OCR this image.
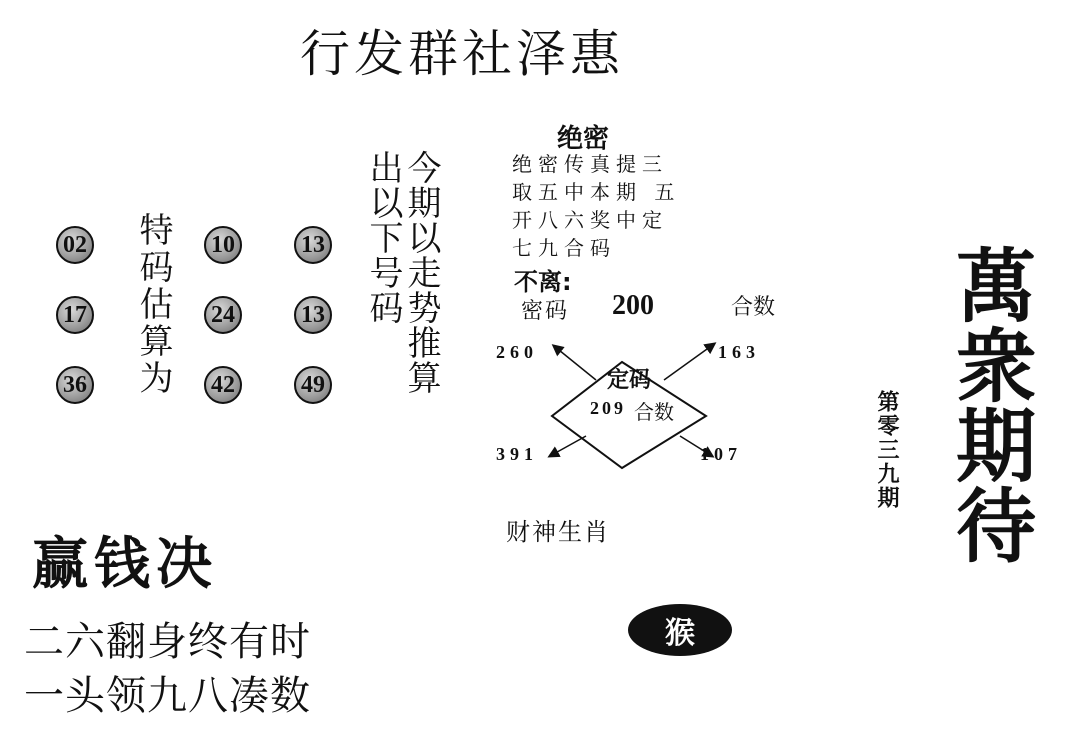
行发群社泽惠
02	10	13
17	24	13
36	42	49
特码估算为	今期以走势推算
出以下号码
绝密
绝密传真提三
取五中本期 五
开八六奖中定
七九合码
不离:
密码 200	合数
定码
209 合数
260	163
391	107
财神生肖
猴
赢钱决
二六翻身终有时
一头领九八凑数
萬衆期待
第零三九期
